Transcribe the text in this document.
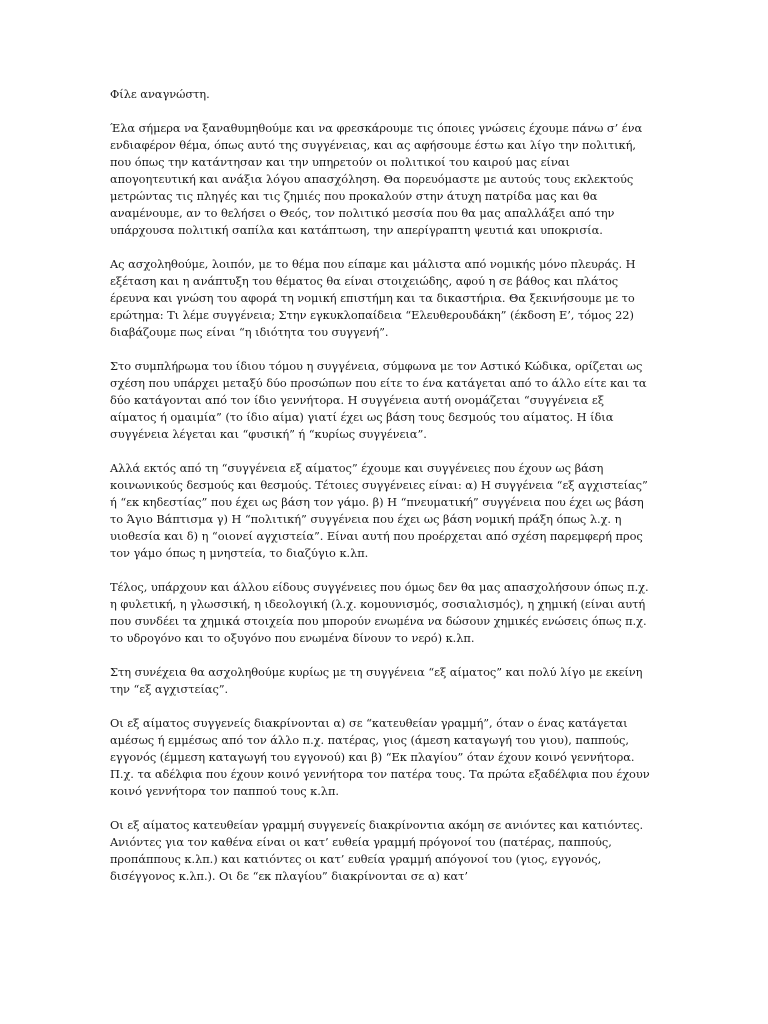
Φίλε αναγνώστη.

Έλα σήμερα να ξαναθυμηθούμε και να φρεσκάρουμε τις όποιες γνώσεις έχουμε πάνω σ’ ένα ενδιαφέρον θέμα, όπως αυτό της συγγένειας, και ας αφήσουμε έστω και λίγο την πολιτική, που όπως την κατάντησαν και την υπηρετούν οι πολιτικοί του καιρού μας είναι απογοητευτική και ανάξια λόγου απασχόληση. Θα πορευόμαστε με αυτούς τους εκλεκτούς μετρώντας τις πληγές και τις ζημιές που προκαλούν στην άτυχη πατρίδα μας και θα αναμένουμε, αν το θελήσει ο Θεός, τον πολιτικό μεσσία που θα μας απαλλάξει από την υπάρχουσα πολιτική σαπίλα και κατάπτωση, την απερίγραπτη ψευτιά και υποκρισία.

Ας ασχοληθούμε, λοιπόν, με το θέμα που είπαμε και μάλιστα από νομικής μόνο πλευράς. Η εξέταση και η ανάπτυξη του θέματος θα είναι στοιχειώδης, αφού η σε βάθος και πλάτος έρευνα και γνώση του αφορά τη νομική επιστήμη και τα δικαστήρια. Θα ξεκινήσουμε με το ερώτημα: Τι λέμε συγγένεια; Στην εγκυκλοπαίδεια “Ελευθερουδάκη” (έκδοση Ε’, τόμος 22) διαβάζουμε πως είναι “η ιδιότητα του συγγενή”.

Στο συμπλήρωμα του ίδιου τόμου η συγγένεια, σύμφωνα με τον Αστικό Κώδικα, ορίζεται ως σχέση που υπάρχει μεταξύ δύο προσώπων που είτε το ένα κατάγεται από το άλλο είτε και τα δύο κατάγονται από τον ίδιο γεννήτορα. Η συγγένεια αυτή ονομάζεται “συγγένεια εξ αίματος ή ομαιμία” (το ίδιο αίμα) γιατί έχει ως βάση τους δεσμούς του αίματος. Η ίδια συγγένεια λέγεται και “φυσική” ή “κυρίως συγγένεια”.

Αλλά εκτός από τη “συγγένεια εξ αίματος” έχουμε και συγγένειες που έχουν ως βάση κοινωνικούς δεσμούς και θεσμούς. Τέτοιες συγγένειες είναι: α) Η συγγένεια “εξ αγχιστείας” ή “εκ κηδεστίας” που έχει ως βάση τον γάμο. β) Η “πνευματική” συγγένεια που έχει ως βάση το Άγιο Βάπτισμα γ) Η “πολιτική” συγγένεια που έχει ως βάση νομική πράξη όπως λ.χ. η υιοθεσία και δ) η “οιονεί αγχιστεία”. Είναι αυτή που προέρχεται από σχέση παρεμφερή προς τον γάμο όπως η μνηστεία, το διαζύγιο κ.λπ.

Τέλος, υπάρχουν και άλλου είδους συγγένειες που όμως δεν θα μας απασχολήσουν όπως π.χ. η φυλετική, η γλωσσική, η ιδεολογική (λ.χ. κομουνισμός, σοσιαλισμός), η χημική (είναι αυτή που συνδέει τα χημικά στοιχεία που μπορούν ενωμένα να δώσουν χημικές ενώσεις όπως π.χ. το υδρογόνο και το οξυγόνο που ενωμένα δίνουν το νερό) κ.λπ.

Στη συνέχεια θα ασχοληθούμε κυρίως με τη συγγένεια “εξ αίματος” και πολύ λίγο με εκείνη την “εξ αγχιστείας”.

Οι εξ αίματος συγγενείς διακρίνονται α) σε “κατευθείαν γραμμή”, όταν ο ένας κατάγεται αμέσως ή εμμέσως από τον άλλο π.χ. πατέρας, γιος (άμεση καταγωγή του γιου), παππούς, εγγονός (έμμεση καταγωγή του εγγονού) και β) “Εκ πλαγίου” όταν έχουν κοινό γεννήτορα. Π.χ. τα αδέλφια που έχουν κοινό γεννήτορα τον πατέρα τους. Τα πρώτα εξαδέλφια που έχουν κοινό γεννήτορα τον παππού τους κ.λπ.

Οι εξ αίματος κατευθείαν γραμμή συγγενείς διακρίνοντια ακόμη σε ανιόντες και κατιόντες. Ανιόντες για τον καθένα είναι οι κατ’ ευθεία γραμμή πρόγονοί του (πατέρας, παππούς, προπάππους κ.λπ.) και κατιόντες οι κατ’ ευθεία γραμμή απόγονοί του (γιος, εγγονός, δισέγγονος κ.λπ.). Οι δε “εκ πλαγίου” διακρίνονται σε α) κατ’
